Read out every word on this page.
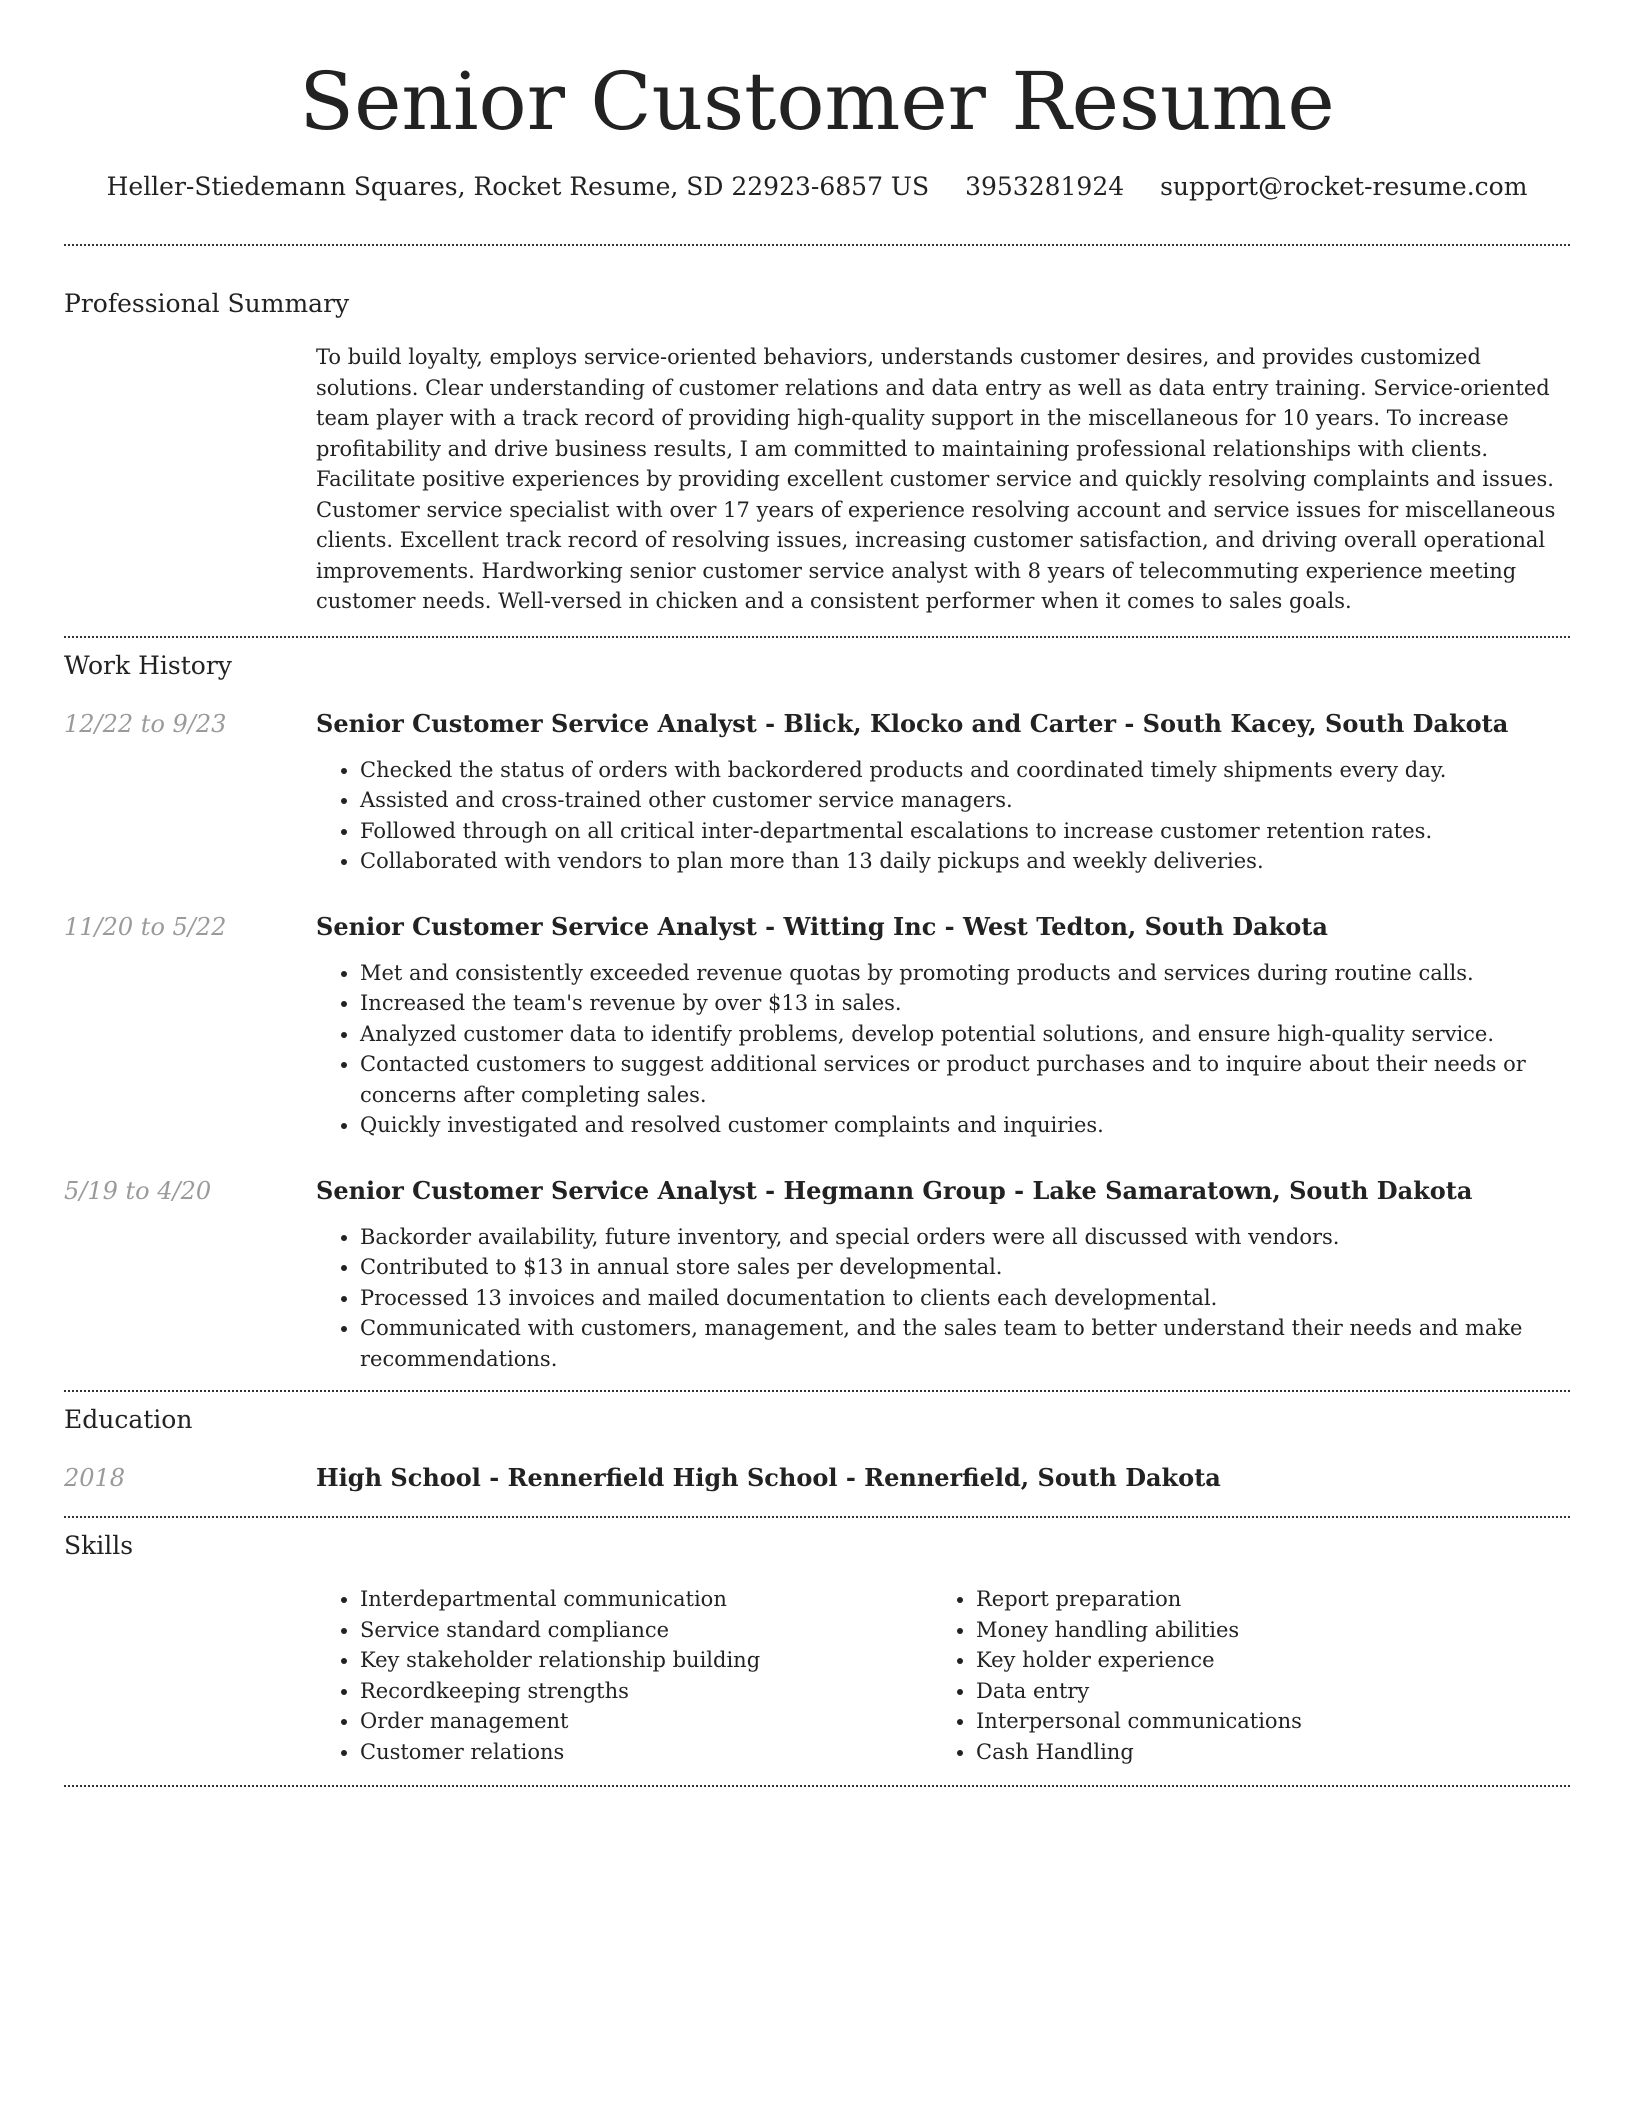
Senior Customer Resume
Heller-Stiedemann Squares, Rocket Resume, SD 22923-6857 US 3953281924 support@rocket-resume.com
Professional Summary

To build loyalty, employs service-oriented behaviors, understands customer desires, and provides customized solutions. Clear understanding of customer relations and data entry as well as data entry training. Service-oriented team player with a track record of providing high-quality support in the miscellaneous for 10 years. To increase profitability and drive business results, I am committed to maintaining professional relationships with clients. Facilitate positive experiences by providing excellent customer service and quickly resolving complaints and issues. Customer service specialist with over 17 years of experience resolving account and service issues for miscellaneous clients. Excellent track record of resolving issues, increasing customer satisfaction, and driving overall operational improvements. Hardworking senior customer service analyst with 8 years of telecommuting experience meeting customer needs. Well-versed in chicken and a consistent performer when it comes to sales goals.

Work History
12/22 to 9/23	Senior Customer Service Analyst - Blick, Klocko and Carter - South Kacey, South Dakota
• Checked the status of orders with backordered products and coordinated timely shipments every day.
• Assisted and cross-trained other customer service managers.
• Followed through on all critical inter-departmental escalations to increase customer retention rates.
• Collaborated with vendors to plan more than 13 daily pickups and weekly deliveries.
11/20 to 5/22	Senior Customer Service Analyst - Witting Inc - West Tedton, South Dakota
• Met and consistently exceeded revenue quotas by promoting products and services during routine calls.
• Increased the team's revenue by over $13 in sales.
• Analyzed customer data to identify problems, develop potential solutions, and ensure high-quality service.
• Contacted customers to suggest additional services or product purchases and to inquire about their needs or concerns after completing sales.
• Quickly investigated and resolved customer complaints and inquiries.
5/19 to 4/20	Senior Customer Service Analyst - Hegmann Group - Lake Samaratown, South Dakota
• Backorder availability, future inventory, and special orders were all discussed with vendors.
• Contributed to $13 in annual store sales per developmental.
• Processed 13 invoices and mailed documentation to clients each developmental.
• Communicated with customers, management, and the sales team to better understand their needs and make recommendations.
Education
2018	High School - Rennerfield High School - Rennerfield, South Dakota
Skills
• Interdepartmental communication
• Service standard compliance
• Key stakeholder relationship building
• Recordkeeping strengths
• Order management
• Customer relations
• Report preparation
• Money handling abilities
• Key holder experience
• Data entry
• Interpersonal communications
• Cash Handling
